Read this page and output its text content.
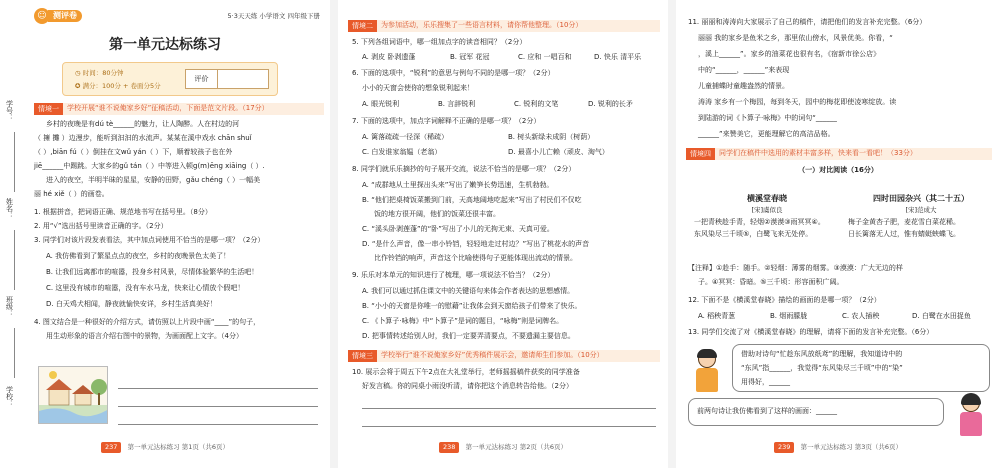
学号：
姓名：
班级：
学校：
☺ 测评卷	5·3天天练 小学语文 四年级下册
第一单元达标练习
◷ 时间：80分钟
✪ 满分：100分 + 卷面分5分
评价
情境一	学校开展“谁不说俺家乡好”征稿活动，下面是范文片段。（17分）
乡村的夜晚是有dú tè______的魅力，让人陶醉。人在村边的河
（ 擁 攤 ）边漫步，能听到汩汩的水流声。某某在溪中戏水 chān shuǐ
（ ）,biān fú（ ）倒挂在文wǔ yán（ ）下，顺着较孩子也在外
jiē______中踢跳。大家乡的gǔ tán（ ）中等进入顿g(m)ēng xiāing（ ）.
进入的夜空，半明半昧的星星，安静的田野，gǎu chéng（ ）一幅美
丽 hé xiě（ ）的画卷。
1. 根据拼音，把词语正确、规范地书写在括号里。（8分）
2. 用“√”选出括号里读音正确的字。（2分）
3. 同学们对该片段发表看法，其中加点词使用不恰当的是哪一项？（2分）
A. 我仿佛看到了繁星点点的夜空，乡村的夜晚景色太美了！
B. 让我们远离都市的喧嚣，投身乡村风景，尽情体验繁华的生活吧！
C. 这里没有城市的喧嚣，没有车水马龙，快来让心情放个假吧！
D. 白天鸡犬相闻，静夜就愉快安详，乡村生活真美好！
4. 图文结合是一种很好的介绍方式，请仿照以上片段中画“____”的句子，
用生动形象的语言介绍右图中的景物，为画面配上文字。（4分）
237 第一单元达标练习 第1页（共6页）
情境二	为参加活动，乐乐搜集了一些语言材料，请你帮他整理。（10分）
5. 下列各组词语中，哪一组加点字的读音相同？（2分）
A. 剥皮 卧剥遗蓬	B. 冠军 花冠	C. 应和 一唱百和	D. 快乐 清平乐
6. 下面的选项中，“锐利”的意思与例句不同的是哪一项？（2分）
小小的天窗会使你的想象锐利起来！
A. 眼光锐利	B. 言辞锐利	C. 锐利的文笔	D. 锐利的长矛
7. 下面的选项中，加点字词解释不正确的是哪一项？（2分）
A. 篱落疏疏一径深（稀疏）	B. 树头新绿未成阴（树荫）
C. 白发谁家翁媪（老翁）	D. 最喜小儿亡赖（顽皮、淘气）
8. 同学们就乐乐摘抄的句子展开交流，说法不恰当的是哪一项？（2分）
A. “成群地从土里探出头来”写出了嫩笋长势迅速，生机勃勃。
B. “他们把桌椅饭菜搬到门前，天高地阔地吃起来”写出了村民们不仅吃
饭的地方很开阔，他们的饭菜还很丰富。
C. “溪头卧剥莲蓬”的“卧”写出了小儿的无拘无束、天真可爱。
D. “是什么声音，像一串小铃铛，轻轻地走过村边？”写出了桃花水的声音
比作铃铛的响声，声音这个比喻使得句子更能体现出流动的情景。
9. 乐乐对本单元的知识进行了梳理，哪一项说法不恰当？（2分）
A. 我们可以通过抓住课文中的关键语句来体会作者表达的思想感情。
B. “小小的天窗是你唯一的慰藉”让我体会到天窗给孩子们带来了快乐。
C. 《卜算子·咏梅》中“卜算子”是词的题目，“咏梅”则是词牌名。
D. 把事情转述给别人时，我们一定要弄清要点，不要遗漏主要信息。
情境三	学校举行“谁不说俺家乡好”优秀稿件展示会，邀请师生们参加。（10分）
10. 展示会将于周五下午2点在大礼堂举行，老师摇摇稿件获奖的同学准备
好发言稿。你的同桌小雨没听清，请你把这个消息转告给他。（2分）
238 第一单元达标练习 第2页（共6页）
11. 丽丽和涛涛向大家展示了自己的稿件，请把他们的发言补充完整。（6分）
丽丽 我的家乡是鱼米之乡，那里依山傍水，风景优美。你看，“
，溪上______”。家乡的油菜花也很有名，《宿新市徐公店》
中的“______，______”来表现
儿童捕蝶时童趣盎然的情景。
涛涛 家乡有一个梅园，每到冬天，园中的梅花即使凌寒绽放。读
到陆游的词《卜算子·咏梅》中的词句“______
______”来赞美它，更能理解它的高洁品格。
情境四	同学们在稿件中选用的素材丰富多样，快来看一看吧！（33分）
（一）对比阅读（16分）
横溪堂春晓
[宋]虞似良
一把青秧趁手青，轻烟②漠漠③雨冥冥④。
东风染尽三千顷⑤，白鹭飞来无处停。
四时田园杂兴（其二十五）
[宋]范成大
梅子金黄杏子肥，麦花雪白菜花稀。
日长篱落无人过，惟有蜻蜓蛱蝶飞。
【注释】①趁手：随手。②轻烟：薄雾的烟雾。③漠漠：广大无边的样
子。④冥冥：昏暗。⑤三千顷：形容面积广阔。
12. 下面不是《横溪堂春晓》描绘的画面的是哪一项？（2分）
A. 稻秧青葱	B. 烟雨朦胧	C. 农人插秧	D. 白鹭在水田捉鱼
13. 同学们交流了对《横溪堂春晓》的理解，请将下面的发言补充完整。（6分）
借助对诗句“忙趁东风放纸鸢”的理解，我知道诗中的
“东风”指______，我觉得“东风染尽三千顷”中的“染”
用得好，______
前两句诗让我仿佛看到了这样的画面：______
239 第一单元达标练习 第3页（共6页）
